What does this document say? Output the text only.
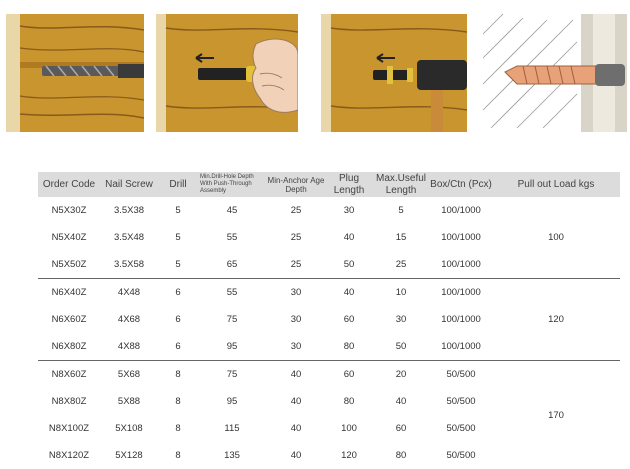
Order Code	Nail Screw	Drill	Min.Drill-Hole Depth With Push-Through Assembly	Min-Anchor Age Depth	Plug Length	Max.Useful Length	Box/Ctn (Pcx)	Pull out Load kgs
N5X30Z	3.5X38	5	45	25	30	5	100/1000	100
N5X40Z	3.5X48	5	55	25	40	15	100/1000	
N5X50Z	3.5X58	5	65	25	50	25	100/1000	
N6X40Z	4X48	6	55	30	40	10	100/1000	120
N6X60Z	4X68	6	75	30	60	30	100/1000	
N6X80Z	4X88	6	95	30	80	50	100/1000	
N8X60Z	5X68	8	75	40	60	20	50/500	170
N8X80Z	5X88	8	95	40	80	40	50/500	
N8X100Z	5X108	8	115	40	100	60	50/500	
N8X120Z	5X128	8	135	40	120	80	50/500	
